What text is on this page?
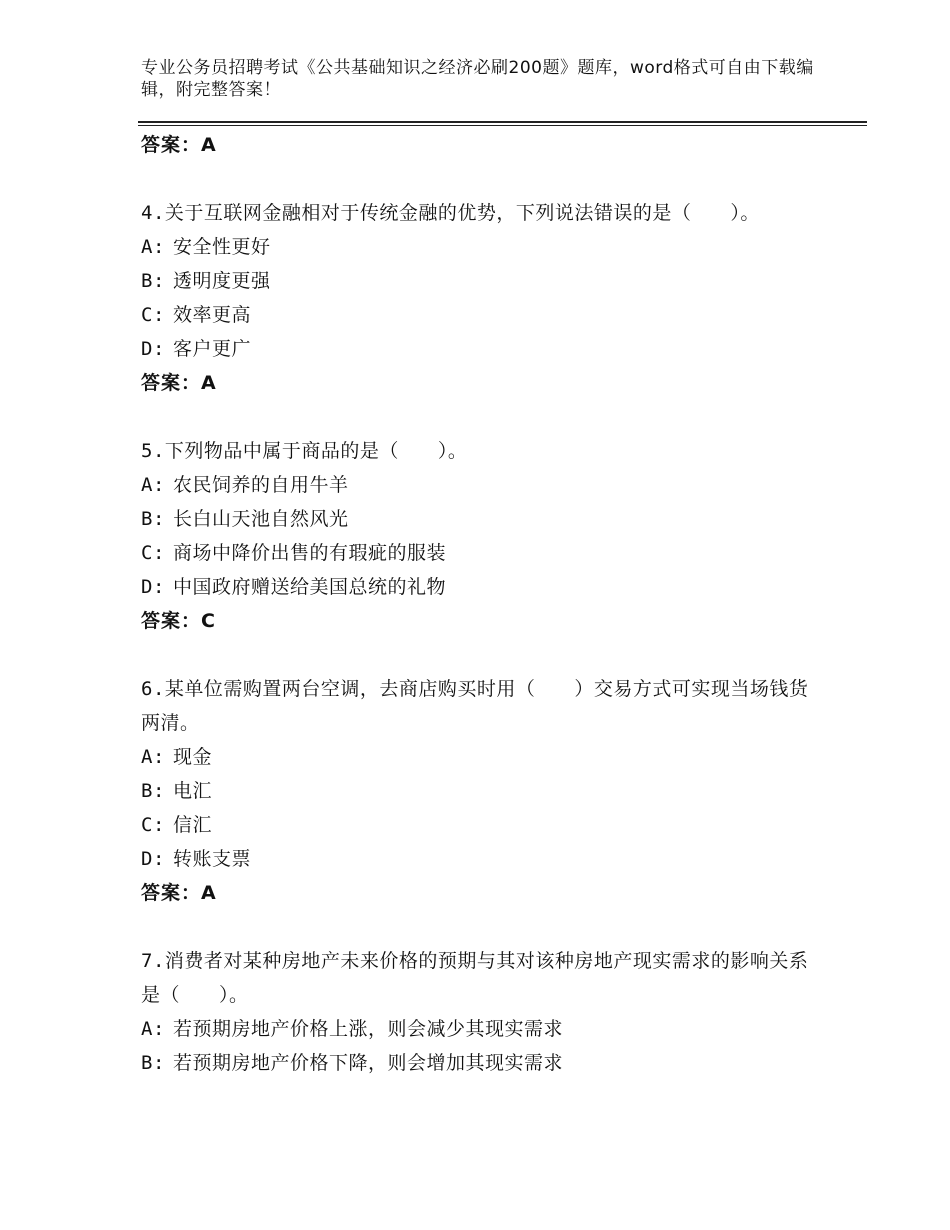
专业公务员招聘考试《公共基础知识之经济必刷200题》题库，word格式可自由下载编辑，附完整答案！
答案：A
4.关于互联网金融相对于传统金融的优势，下列说法错误的是（　　）。
A: 安全性更好
B: 透明度更强
C: 效率更高
D: 客户更广
答案：A
5.下列物品中属于商品的是（　　）。
A: 农民饲养的自用牛羊
B: 长白山天池自然风光
C: 商场中降价出售的有瑕疵的服装
D: 中国政府赠送给美国总统的礼物
答案：C
6.某单位需购置两台空调，去商店购买时用（　　）交易方式可实现当场钱货两清。
A: 现金
B: 电汇
C: 信汇
D: 转账支票
答案：A
7.消费者对某种房地产未来价格的预期与其对该种房地产现实需求的影响关系是（　　）。
A: 若预期房地产价格上涨，则会减少其现实需求
B: 若预期房地产价格下降，则会增加其现实需求
